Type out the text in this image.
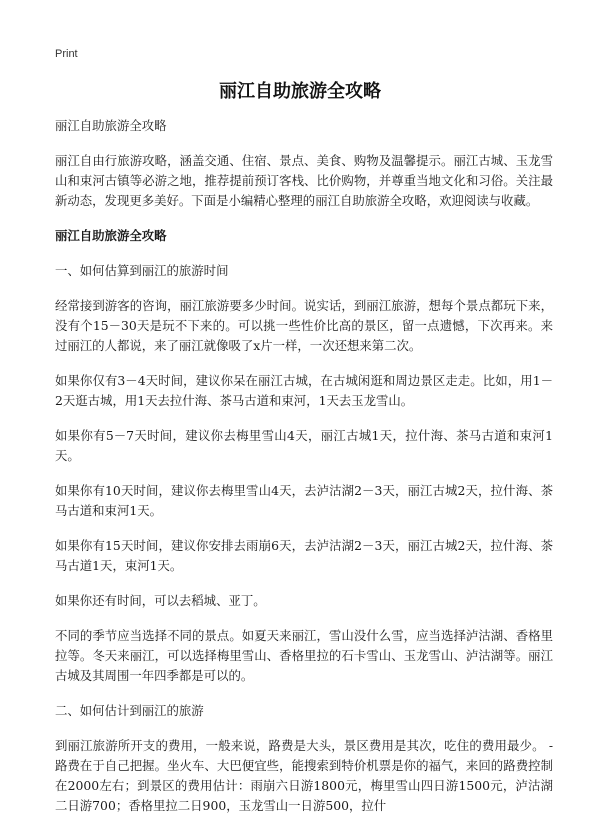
Print
丽江自助旅游全攻略

丽江自助旅游全攻略

丽江自由行旅游攻略，涵盖交通、住宿、景点、美食、购物及温馨提示。丽江古城、玉龙雪山和束河古镇等必游之地，推荐提前预订客栈、比价购物，并尊重当地文化和习俗。关注最新动态，发现更多美好。下面是小编精心整理的丽江自助旅游全攻略，欢迎阅读与收藏。

丽江自助旅游全攻略

一、如何估算到丽江的旅游时间

经常接到游客的咨询，丽江旅游要多少时间。说实话，到丽江旅游，想每个景点都玩下来，没有个15－30天是玩不下来的。可以挑一些性价比高的景区，留一点遗憾，下次再来。来过丽江的人都说，来了丽江就像吸了x片一样，一次还想来第二次。

如果你仅有3－4天时间，建议你呆在丽江古城，在古城闲逛和周边景区走走。比如，用1－2天逛古城，用1天去拉什海、茶马古道和束河，1天去玉龙雪山。

如果你有5－7天时间，建议你去梅里雪山4天，丽江古城1天，拉什海、茶马古道和束河1天。

如果你有10天时间，建议你去梅里雪山4天，去泸沽湖2－3天，丽江古城2天，拉什海、茶马古道和束河1天。

如果你有15天时间，建议你安排去雨崩6天，去泸沽湖2－3天，丽江古城2天，拉什海、茶马古道1天，束河1天。

如果你还有时间，可以去稻城、亚丁。

不同的季节应当选择不同的景点。如夏天来丽江，雪山没什么雪，应当选择泸沽湖、香格里拉等。冬天来丽江，可以选择梅里雪山、香格里拉的石卡雪山、玉龙雪山、泸沽湖等。丽江古城及其周围一年四季都是可以的。

二、如何估计到丽江的旅游

到丽江旅游所开支的费用，一般来说，路费是大头，景区费用是其次，吃住的费用最少。 -路费在于自己把握。坐火车、大巴便宜些，能搜索到特价机票是你的福气，来回的路费控制在2000左右；到景区的费用估计：雨崩六日游1800元，梅里雪山四日游1500元，泸沽湖二日游700；香格里拉二日900，玉龙雪山一日游500，拉什
